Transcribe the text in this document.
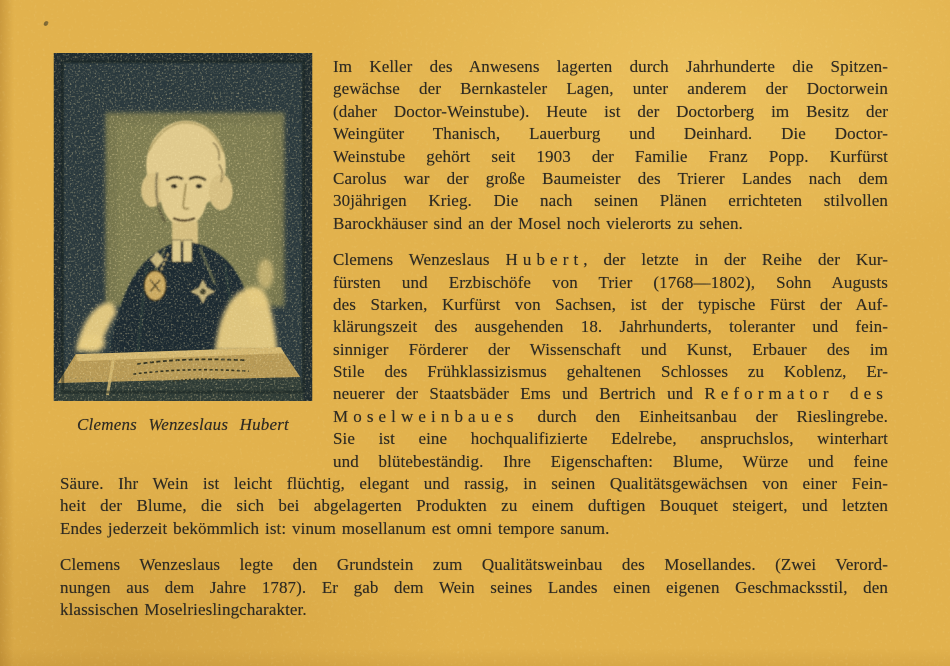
Clemens Wenzeslaus Hubert
Im Keller des Anwesens lagerten durch Jahrhunderte die Spitzen-
gewächse der Bernkasteler Lagen, unter anderem der Doctorwein
(daher Doctor-Weinstube). Heute ist der Doctorberg im Besitz der
Weingüter Thanisch, Lauerburg und Deinhard. Die Doctor-
Weinstube gehört seit 1903 der Familie Franz Popp. Kurfürst
Carolus war der große Baumeister des Trierer Landes nach dem
30jährigen Krieg. Die nach seinen Plänen errichteten stilvollen
Barockhäuser sind an der Mosel noch vielerorts zu sehen.
Clemens Wenzeslaus Hubert, der letzte in der Reihe der Kur-
fürsten und Erzbischöfe von Trier (1768—1802), Sohn Augusts
des Starken, Kurfürst von Sachsen, ist der typische Fürst der Auf-
klärungszeit des ausgehenden 18. Jahrhunderts, toleranter und fein-
sinniger Förderer der Wissenschaft und Kunst, Erbauer des im
Stile des Frühklassizismus gehaltenen Schlosses zu Koblenz, Er-
neuerer der Staatsbäder Ems und Bertrich und Reformator des
Moselweinbaues durch den Einheitsanbau der Rieslingrebe.
Sie ist eine hochqualifizierte Edelrebe, anspruchslos, winterhart
und blütebeständig. Ihre Eigenschaften: Blume, Würze und feine
Säure. Ihr Wein ist leicht flüchtig, elegant und rassig, in seinen Qualitätsgewächsen von einer Fein-
heit der Blume, die sich bei abgelagerten Produkten zu einem duftigen Bouquet steigert, und letzten
Endes jederzeit bekömmlich ist: vinum mosellanum est omni tempore sanum.
Clemens Wenzeslaus legte den Grundstein zum Qualitätsweinbau des Mosellandes. (Zwei Verord-
nungen aus dem Jahre 1787). Er gab dem Wein seines Landes einen eigenen Geschmacksstil, den
klassischen Moselrieslingcharakter.
